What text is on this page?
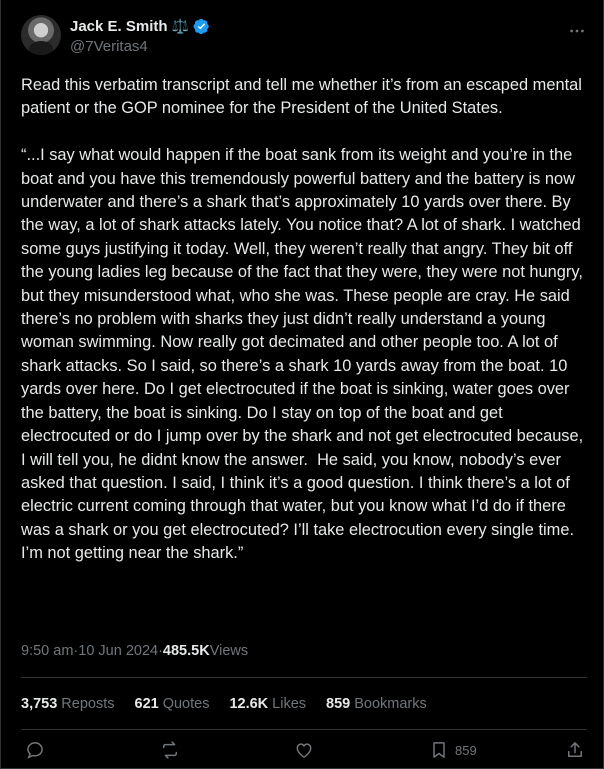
Jack E. Smith ⚖️
@7Veritas4
Read this verbatim transcript and tell me whether it’s from an escaped mental patient or the GOP nominee for the President of the United States.

“...I say what would happen if the boat sank from its weight and you’re in the boat and you have this tremendously powerful battery and the battery is now underwater and there’s a shark that’s approximately 10 yards over there. By the way, a lot of shark attacks lately. You notice that? A lot of shark. I watched some guys justifying it today. Well, they weren’t really that angry. They bit off the young ladies leg because of the fact that they were, they were not hungry, but they misunderstood what, who she was. These people are cray. He said there’s no problem with sharks they just didn’t really understand a young woman swimming. Now really got decimated and other people too. A lot of shark attacks. So I said, so there’s a shark 10 yards away from the boat. 10 yards over here. Do I get electrocuted if the boat is sinking, water goes over the battery, the boat is sinking. Do I stay on top of the boat and get electrocuted or do I jump over by the shark and not get electrocuted because, I will tell you, he didnt know the answer.  He said, you know, nobody’s ever asked that question. I said, I think it’s a good question. I think there’s a lot of electric current coming through that water, but you know what I’d do if there was a shark or you get electrocuted? I’ll take electrocution every single time. I’m not getting near the shark.”
9:50 am · 10 Jun 2024 · 485.5K Views
3,753 Reposts 621 Quotes 12.6K Likes 859 Bookmarks
859
